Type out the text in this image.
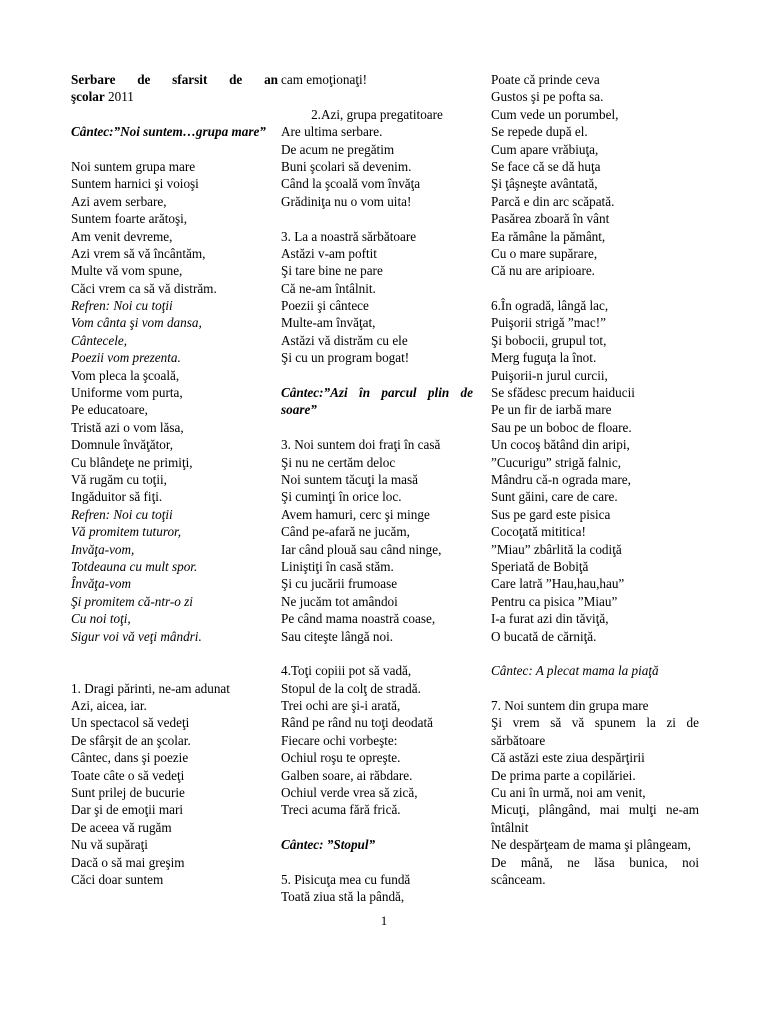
Serbare de sfarsit de an
şcolar 2011
Cântec:”Noi suntem…grupa mare”
Noi suntem grupa mare
Suntem harnici şi voioşi
Azi avem serbare,
Suntem foarte arătoşi,
Am venit devreme,
Azi vrem să vă încântăm,
Multe vă vom spune,
Căci vrem ca să vă distrăm.
Refren: Noi cu toţii
Vom cânta şi vom dansa,
Cântecele,
Poezii vom prezenta.
Vom pleca la şcoală,
Uniforme vom purta,
Pe educatoare,
Tristă azi o vom lăsa,
Domnule învăţător,
Cu blândeţe ne primiţi,
Vă rugăm cu toţii,
Ingăduitor să fiţi.
Refren: Noi cu toţii
Vă promitem tuturor,
Invăţa-vom,
Totdeauna cu mult spor.
Învăţa-vom
Şi promitem că-ntr-o zi
Cu noi toţi,
Sigur voi vă veţi mândri.
1. Dragi părinti, ne-am adunat
Azi, aicea, iar.
Un spectacol să vedeţi
De sfârşit de an şcolar.
Cântec, dans şi poezie
Toate câte o să vedeţi
Sunt prilej de bucurie
Dar şi de emoţii mari
De aceea vă rugăm
Nu vă supăraţi
Dacă o să mai greşim
Căci doar suntem
cam emoţionaţi!
2.Azi, grupa pregatitoare
Are ultima serbare.
De acum ne pregătim
Buni şcolari să devenim.
Când la şcoală vom învăţa
Grădiniţa nu o vom uita!
3. La a noastră sărbătoare
Astăzi v-am poftit
Şi tare bine ne pare
Că ne-am întâlnit.
Poezii şi cântece
Multe-am învăţat,
Astăzi vă distrăm cu ele
Şi cu un program bogat!
Cântec:”Azi în parcul plin de soare”
3. Noi suntem doi fraţi în casă
Şi nu ne certăm deloc
Noi suntem tăcuţi la masă
Şi cuminţi în orice loc.
Avem hamuri, cerc şi minge
Când pe-afară ne jucăm,
Iar când plouă sau când ninge,
Liniştiţi în casă stăm.
Şi cu jucării frumoase
Ne jucăm tot amândoi
Pe când mama noastră coase,
Sau citeşte lângă noi.
4.Toţi copiii pot să vadă,
Stopul de la colţ de stradă.
Trei ochi are şi-i arată,
Rând pe rând nu toţi deodată
Fiecare ochi vorbeşte:
Ochiul roşu te opreşte.
Galben soare, ai răbdare.
Ochiul verde vrea să zică,
Treci acuma fără frică.
Cântec: ”Stopul”
5. Pisicuţa mea cu fundă
Toată ziua stă la pândă,
Poate că prinde ceva
Gustos şi pe pofta sa.
Cum vede un porumbel,
Se repede după el.
Cum apare vrăbiuţa,
Se face că se dă huţa
Şi ţâşneşte avântată,
Parcă e din arc scăpată.
Pasărea zboară în vânt
Ea rămâne la pământ,
Cu o mare supărare,
Că nu are aripioare.
6.În ogradă, lângă lac,
Puişorii strigă ”mac!”
Şi bobocii, grupul tot,
Merg fuguţa la înot.
Puişorii-n jurul curcii,
Se sfădesc precum haiducii
Pe un fir de iarbă mare
Sau pe un boboc de floare.
Un cocoş bătând din aripi,
”Cucurigu” strigă falnic,
Mândru că-n ograda mare,
Sunt găini, care de care.
Sus pe gard este pisica
Cocoţată mititica!
”Miau” zbârlită la codiţă
Speriată de Bobiţă
Care latră ”Hau,hau,hau”
Pentru ca pisica ”Miau”
I-a furat azi din tăviţă,
O bucată de cărniţă.
Cântec: A plecat mama la piaţă
7. Noi suntem din grupa mare
Şi vrem să vă spunem la zi de sărbătoare
Că astăzi este ziua despărţirii
De prima parte a copilăriei.
Cu ani în urmă, noi am venit,
Micuţi, plângând, mai mulţi ne-am întâlnit
Ne despărţeam de mama şi plângeam,
De mână, ne lăsa bunica, noi scânceam.
1
